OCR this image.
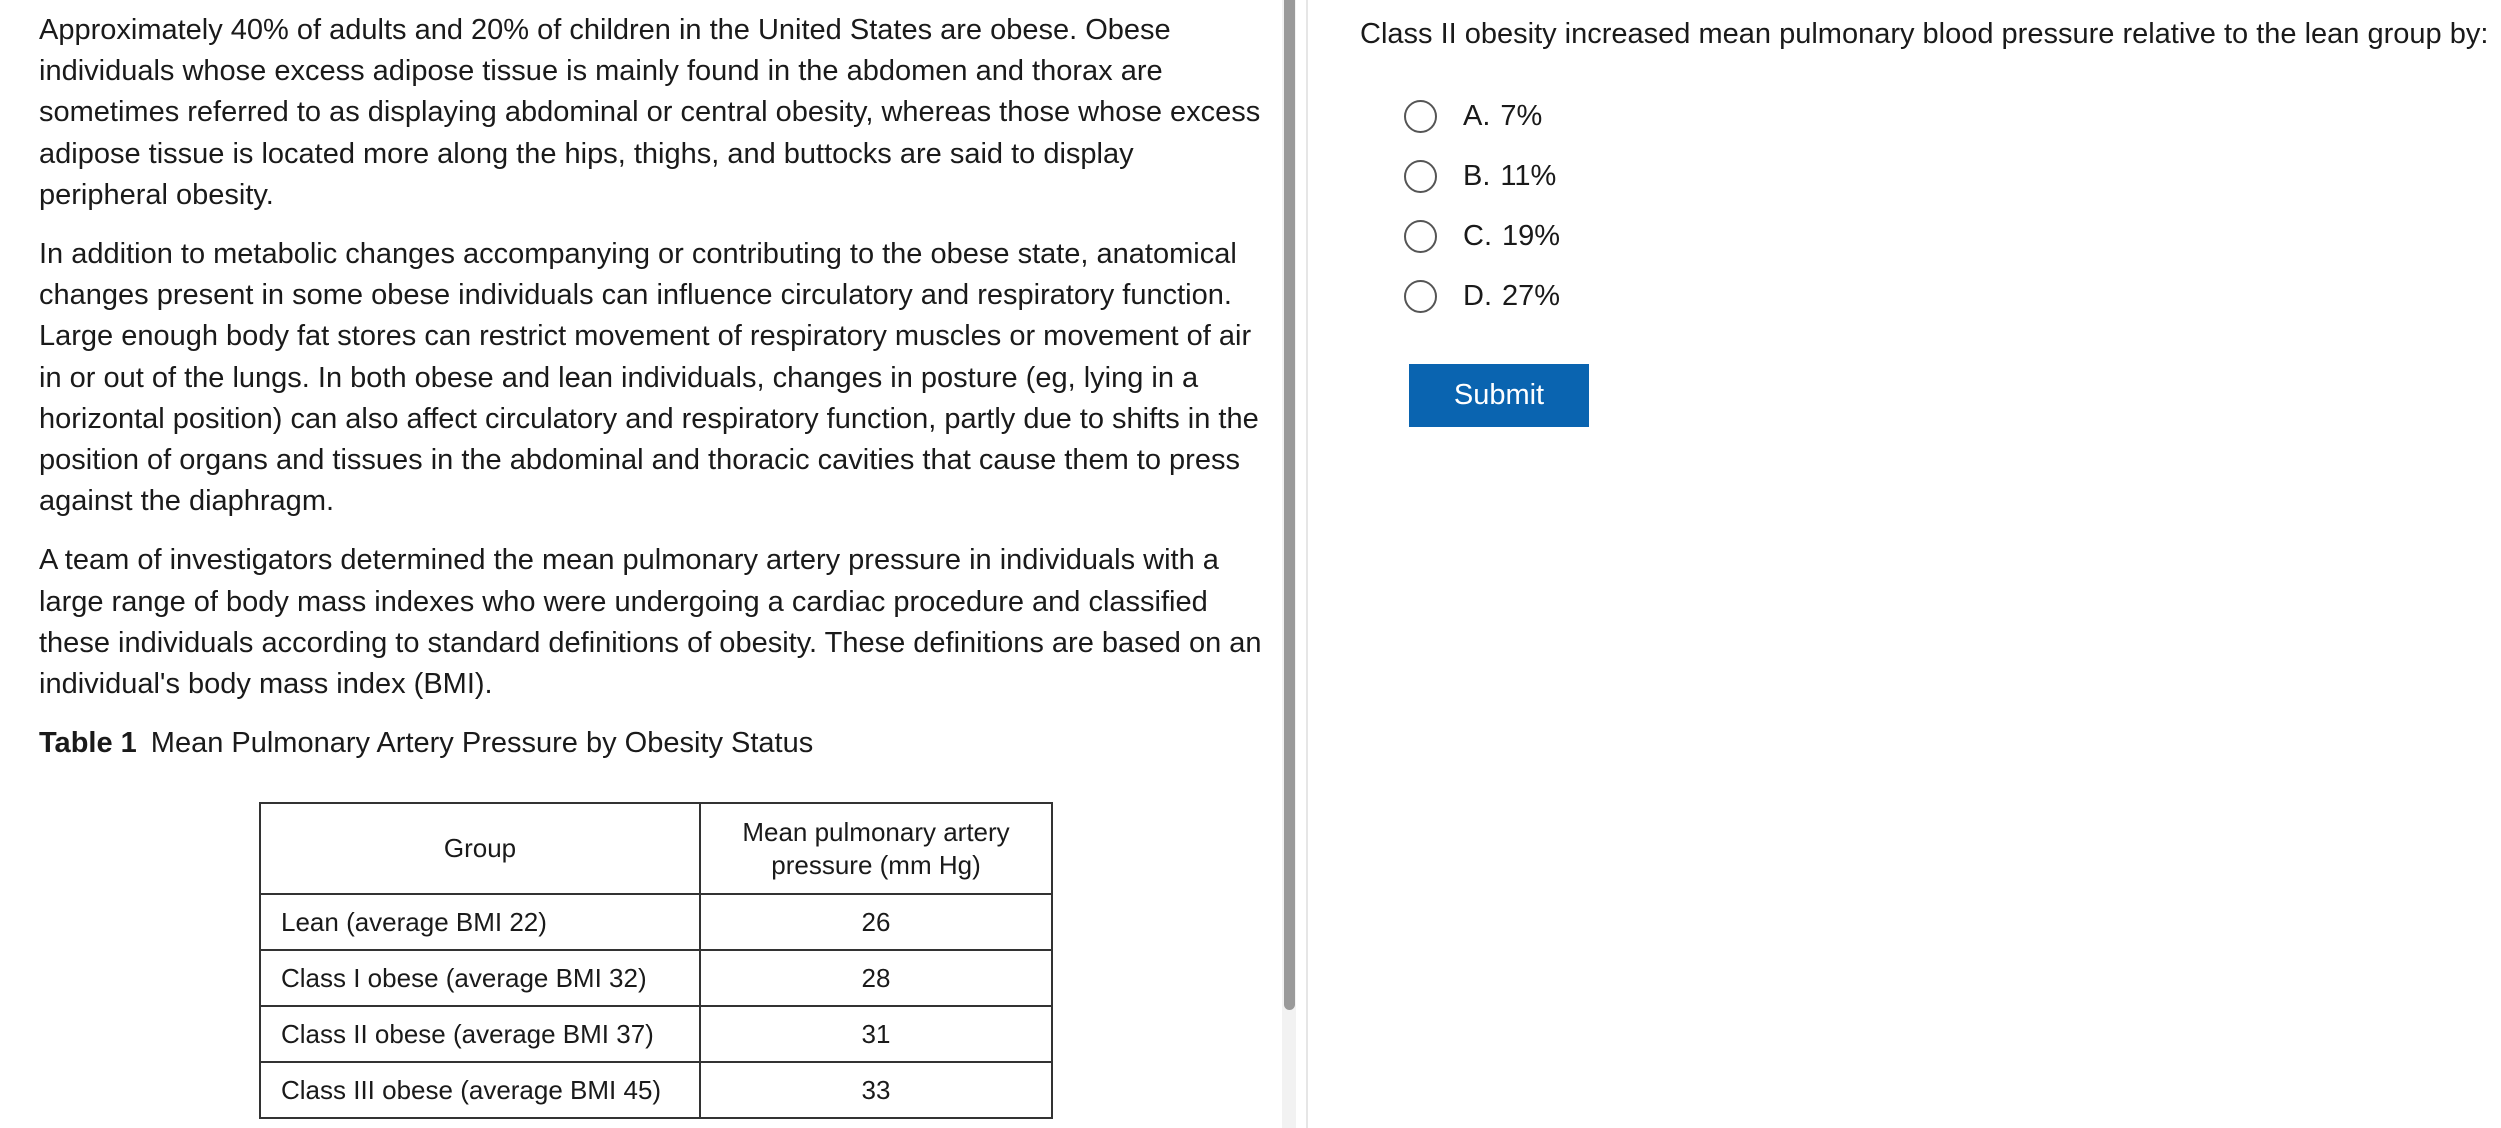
Approximately 40% of adults and 20% of children in the United States are obese. Obese individuals whose excess adipose tissue is mainly found in the abdomen and thorax are sometimes referred to as displaying abdominal or central obesity, whereas those whose excess adipose tissue is located more along the hips, thighs, and buttocks are said to display peripheral obesity.

In addition to metabolic changes accompanying or contributing to the obese state, anatomical changes present in some obese individuals can influence circulatory and respiratory function. Large enough body fat stores can restrict movement of respiratory muscles or movement of air in or out of the lungs. In both obese and lean individuals, changes in posture (eg, lying in a horizontal position) can also affect circulatory and respiratory function, partly due to shifts in the position of organs and tissues in the abdominal and thoracic cavities that cause them to press against the diaphragm.

A team of investigators determined the mean pulmonary artery pressure in individuals with a large range of body mass indexes who were undergoing a cardiac procedure and classified these individuals according to standard definitions of obesity. These definitions are based on an individual's body mass index (BMI).

Table 1 Mean Pulmonary Artery Pressure by Obesity Status

Group	Mean pulmonary artery pressure (mm Hg)
Lean (average BMI 22)	26
Class I obese (average BMI 32)	28
Class II obese (average BMI 37)	31
Class III obese (average BMI 45)	33
Class II obesity increased mean pulmonary blood pressure relative to the lean group by:
A. 7%
B. 11%
C. 19%
D. 27%
Submit
